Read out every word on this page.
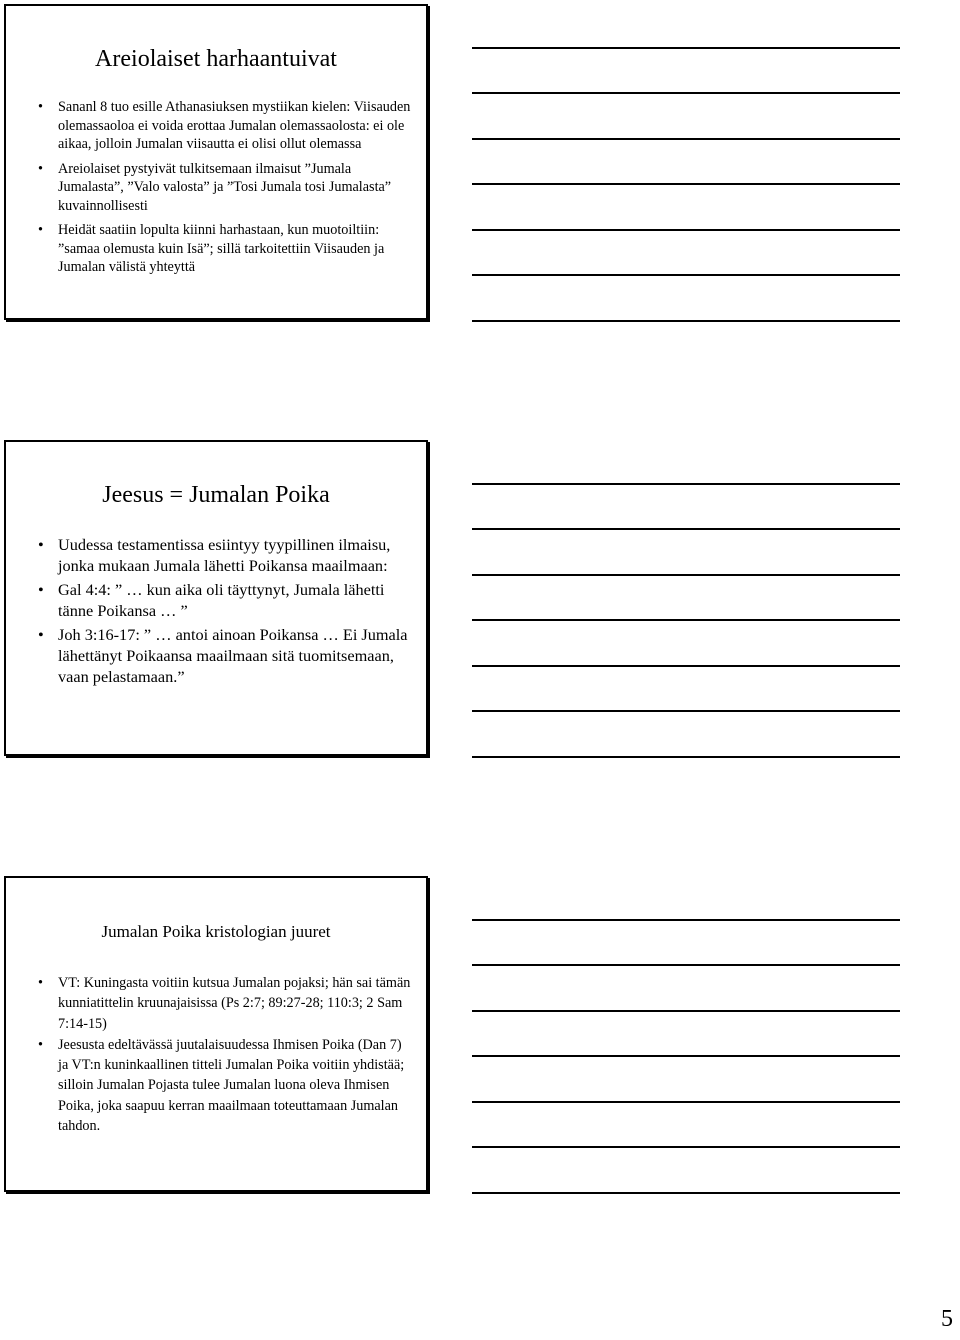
Areiolaiset harhaantuivat
• Sananl 8 tuo esille Athanasiuksen mystiikan kielen: Viisauden olemassaoloa ei voida erottaa Jumalan olemassaolosta: ei ole aikaa, jolloin Jumalan viisautta ei olisi ollut olemassa
• Areiolaiset pystyivät tulkitsemaan ilmaisut ”Jumala Jumalasta”, ”Valo valosta” ja ”Tosi Jumala tosi Jumalasta” kuvainnollisesti
• Heidät saatiin lopulta kiinni harhastaan, kun muotoiltiin: ”samaa olemusta kuin Isä”; sillä tarkoitettiin Viisauden ja Jumalan välistä yhteyttä
Jeesus = Jumalan Poika
• Uudessa testamentissa esiintyy tyypillinen ilmaisu, jonka mukaan Jumala lähetti Poikansa maailmaan:
• Gal 4:4: ” … kun aika oli täyttynyt, Jumala lähetti tänne Poikansa … ”
• Joh 3:16-17: ” … antoi ainoan Poikansa … Ei Jumala lähettänyt Poikaansa maailmaan sitä tuomitsemaan, vaan pelastamaan.”
Jumalan Poika kristologian juuret
• VT: Kuningasta voitiin kutsua Jumalan pojaksi; hän sai tämän kunniatittelin kruunajaisissa (Ps 2:7; 89:27-28; 110:3; 2 Sam 7:14-15)
• Jeesusta edeltävässä juutalaisuudessa Ihmisen Poika (Dan 7) ja VT:n kuninkaallinen titteli Jumalan Poika voitiin yhdistää; silloin Jumalan Pojasta tulee Jumalan luona oleva Ihmisen Poika, joka saapuu kerran maailmaan toteuttamaan Jumalan tahdon.
5
